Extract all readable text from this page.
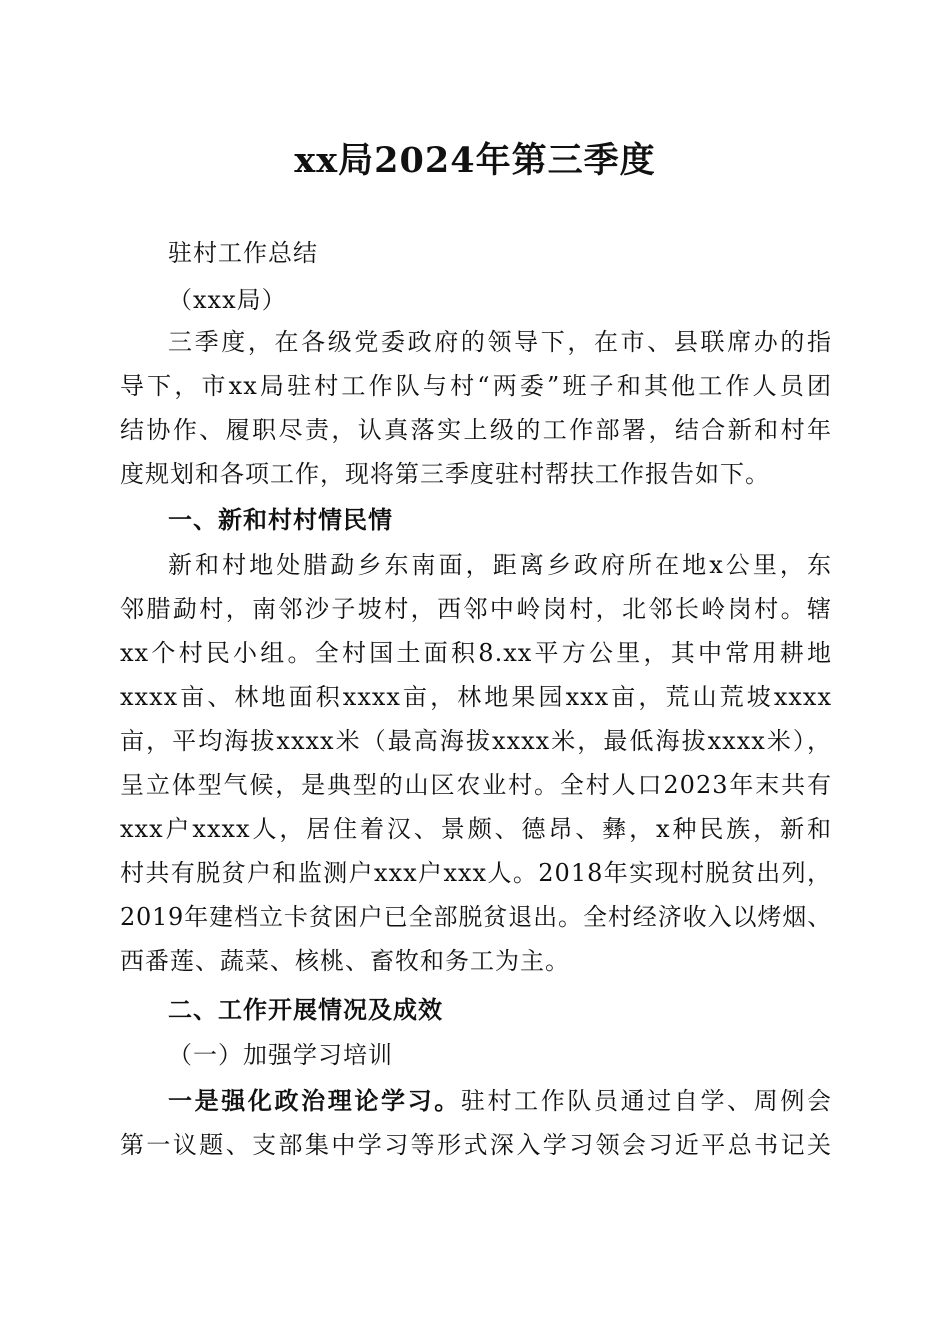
xx局2024年第三季度
驻村工作总结
（xxx局）
三季度，在各级党委政府的领导下，在市、县联席办的指
导下，市xx局驻村工作队与村“两委”班子和其他工作人员团
结协作、履职尽责，认真落实上级的工作部署，结合新和村年
度规划和各项工作，现将第三季度驻村帮扶工作报告如下。
一、新和村村情民情
新和村地处腊勐乡东南面，距离乡政府所在地x公里，东
邻腊勐村，南邻沙子坡村，西邻中岭岗村，北邻长岭岗村。辖
xx个村民小组。全村国土面积8.xx平方公里，其中常用耕地
xxxx亩、林地面积xxxx亩，林地果园xxx亩，荒山荒坡xxxx
亩，平均海拔xxxx米（最高海拔xxxx米，最低海拔xxxx米），
呈立体型气候，是典型的山区农业村。全村人口2023年末共有
xxx户xxxx人，居住着汉、景颇、德昂、彝，x种民族，新和
村共有脱贫户和监测户xxx户xxx人。2018年实现村脱贫出列，
2019年建档立卡贫困户已全部脱贫退出。全村经济收入以烤烟、
西番莲、蔬菜、核桃、畜牧和务工为主。
二、工作开展情况及成效
（一）加强学习培训
一是强化政治理论学习。驻村工作队员通过自学、周例会
第一议题、支部集中学习等形式深入学习领会习近平总书记关
